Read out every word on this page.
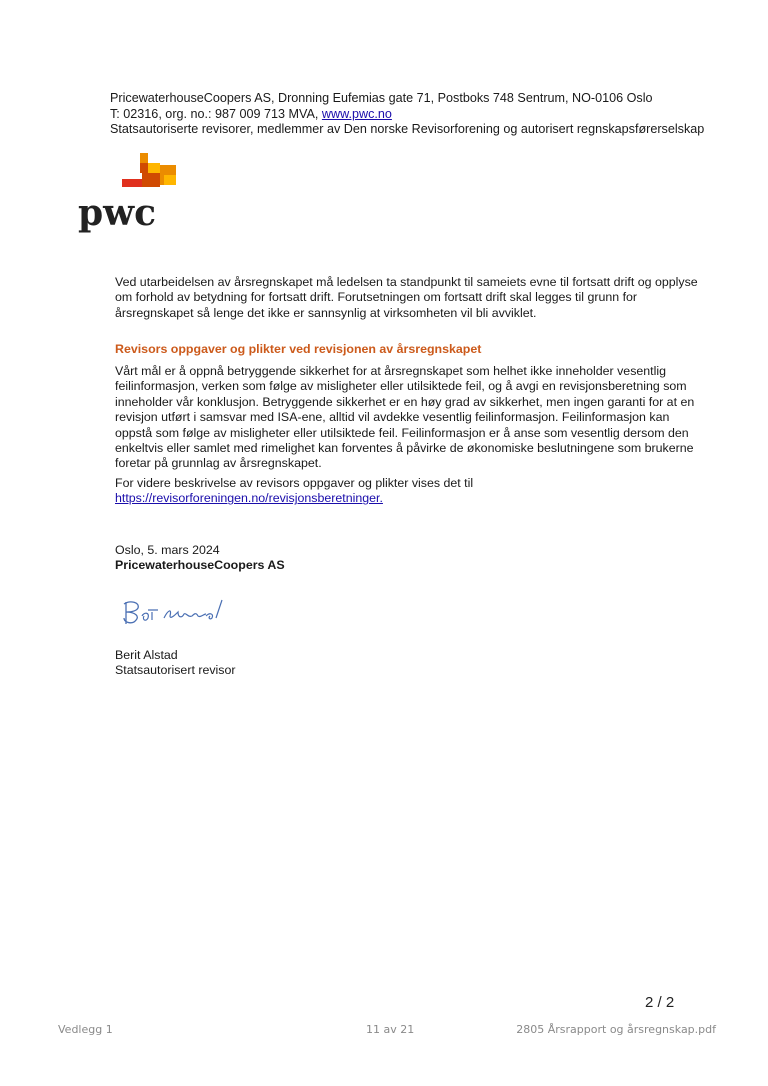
PricewaterhouseCoopers AS, Dronning Eufemias gate 71, Postboks 748 Sentrum, NO-0106 Oslo
T: 02316, org. no.: 987 009 713 MVA, www.pwc.no
Statsautoriserte revisorer, medlemmer av Den norske Revisorforening og autorisert regnskapsførerselskap
pwc
Ved utarbeidelsen av årsregnskapet må ledelsen ta standpunkt til sameiets evne til fortsatt drift og opplyse om forhold av betydning for fortsatt drift. Forutsetningen om fortsatt drift skal legges til grunn for årsregnskapet så lenge det ikke er sannsynlig at virksomheten vil bli avviklet.
Revisors oppgaver og plikter ved revisjonen av årsregnskapet
Vårt mål er å oppnå betryggende sikkerhet for at årsregnskapet som helhet ikke inneholder vesentlig feilinformasjon, verken som følge av misligheter eller utilsiktede feil, og å avgi en revisjonsberetning som inneholder vår konklusjon. Betryggende sikkerhet er en høy grad av sikkerhet, men ingen garanti for at en revisjon utført i samsvar med ISA-ene, alltid vil avdekke vesentlig feilinformasjon. Feilinformasjon kan oppstå som følge av misligheter eller utilsiktede feil. Feilinformasjon er å anse som vesentlig dersom den enkeltvis eller samlet med rimelighet kan forventes å påvirke de økonomiske beslutningene som brukerne foretar på grunnlag av årsregnskapet.
For videre beskrivelse av revisors oppgaver og plikter vises det til
https://revisorforeningen.no/revisjonsberetninger.
Oslo, 5. mars 2024
PricewaterhouseCoopers AS
Berit Alstad
Statsautorisert revisor
2 / 2
Vedlegg 1	11 av 21	2805 Årsrapport og årsregnskap.pdf
